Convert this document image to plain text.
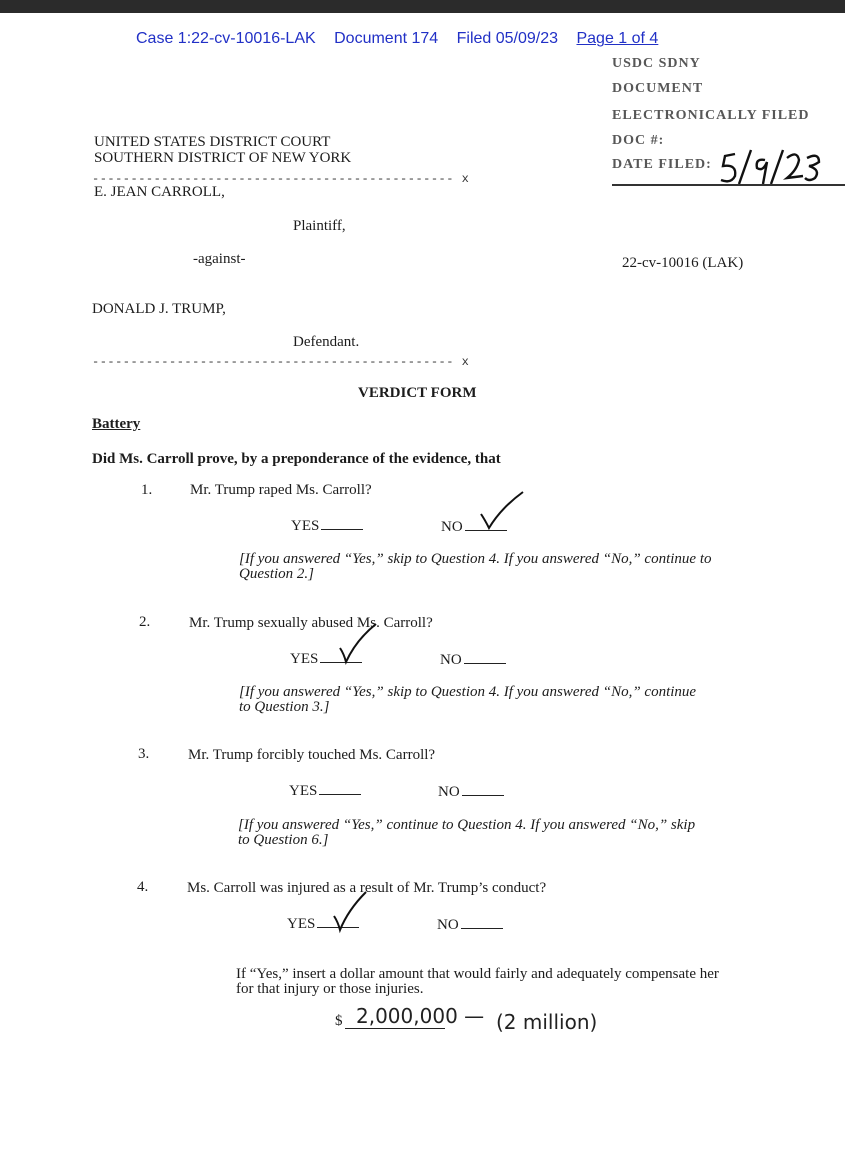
Case 1:22-cv-10016-LAK Document 174 Filed 05/09/23 Page 1 of 4
USDC SDNY
DOCUMENT
ELECTRONICALLY FILED
DOC #:
DATE FILED:
UNITED STATES DISTRICT COURT
SOUTHERN DISTRICT OF NEW YORK
----------------------------------------------- x
E. JEAN CARROLL,
Plaintiff,
-against-	22-cv-10016 (LAK)
DONALD J. TRUMP,
Defendant.
----------------------------------------------- x
VERDICT FORM
Battery
Did Ms. Carroll prove, by a preponderance of the evidence, that
1.	Mr. Trump raped Ms. Carroll?
YES	NO
[If you answered “Yes,” skip to Question 4. If you answered “No,” continue to
Question 2.]
2.	Mr. Trump sexually abused Ms. Carroll?
YES	NO
[If you answered “Yes,” skip to Question 4. If you answered “No,” continue
to Question 3.]
3.	Mr. Trump forcibly touched Ms. Carroll?
YES	NO
[If you answered “Yes,” continue to Question 4. If you answered “No,” skip
to Question 6.]
4.	Ms. Carroll was injured as a result of Mr. Trump’s conduct?
YES	NO
If “Yes,” insert a dollar amount that would fairly and adequately compensate her
for that injury or those injuries.
$ 2,000,000 — (2 million)
